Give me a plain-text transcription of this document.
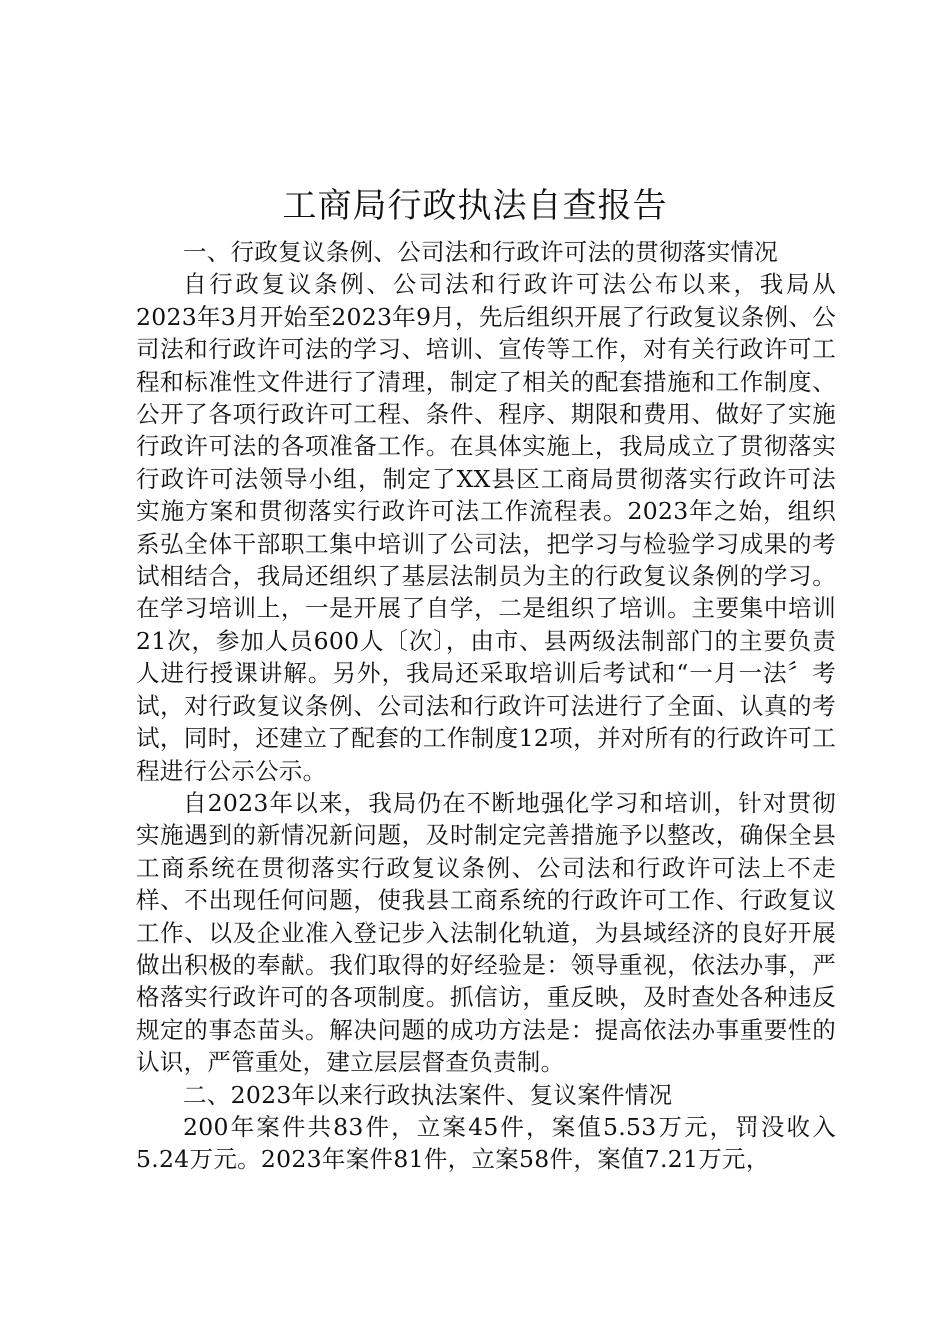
工商局行政执法自查报告

一、行政复议条例、公司法和行政许可法的贯彻落实情况

自行政复议条例、公司法和行政许可法公布以来，我局从2023年3月开始至2023年9月，先后组织开展了行政复议条例、公司法和行政许可法的学习、培训、宣传等工作，对有关行政许可工程和标准性文件进行了清理，制定了相关的配套措施和工作制度、公开了各项行政许可工程、条件、程序、期限和费用、做好了实施行政许可法的各项准备工作。在具体实施上，我局成立了贯彻落实行政许可法领导小组，制定了XX县区工商局贯彻落实行政许可法实施方案和贯彻落实行政许可法工作流程表。2023年之始，组织系弘全体干部职工集中培训了公司法，把学习与检验学习成果的考试相结合，我局还组织了基层法制员为主的行政复议条例的学习。在学习培训上，一是开展了自学，二是组织了培训。主要集中培训21次，参加人员600人〔次〕，由市、县两级法制部门的主要负责人进行授课讲解。另外，我局还采取培训后考试和“一月一法〞考试，对行政复议条例、公司法和行政许可法进行了全面、认真的考试，同时，还建立了配套的工作制度12项，并对所有的行政许可工程进行公示公示。

自2023年以来，我局仍在不断地强化学习和培训，针对贯彻实施遇到的新情况新问题，及时制定完善措施予以整改，确保全县工商系统在贯彻落实行政复议条例、公司法和行政许可法上不走样、不出现任何问题，使我县工商系统的行政许可工作、行政复议工作、以及企业准入登记步入法制化轨道，为县域经济的良好开展做出积极的奉献。我们取得的好经验是：领导重视，依法办事，严格落实行政许可的各项制度。抓信访，重反映，及时查处各种违反规定的事态苗头。解决问题的成功方法是：提高依法办事重要性的认识，严管重处，建立层层督查负责制。

二、2023年以来行政执法案件、复议案件情况

200年案件共83件，立案45件，案值5.53万元，罚没收入5.24万元。2023年案件81件，立案58件，案值7.21万元，
